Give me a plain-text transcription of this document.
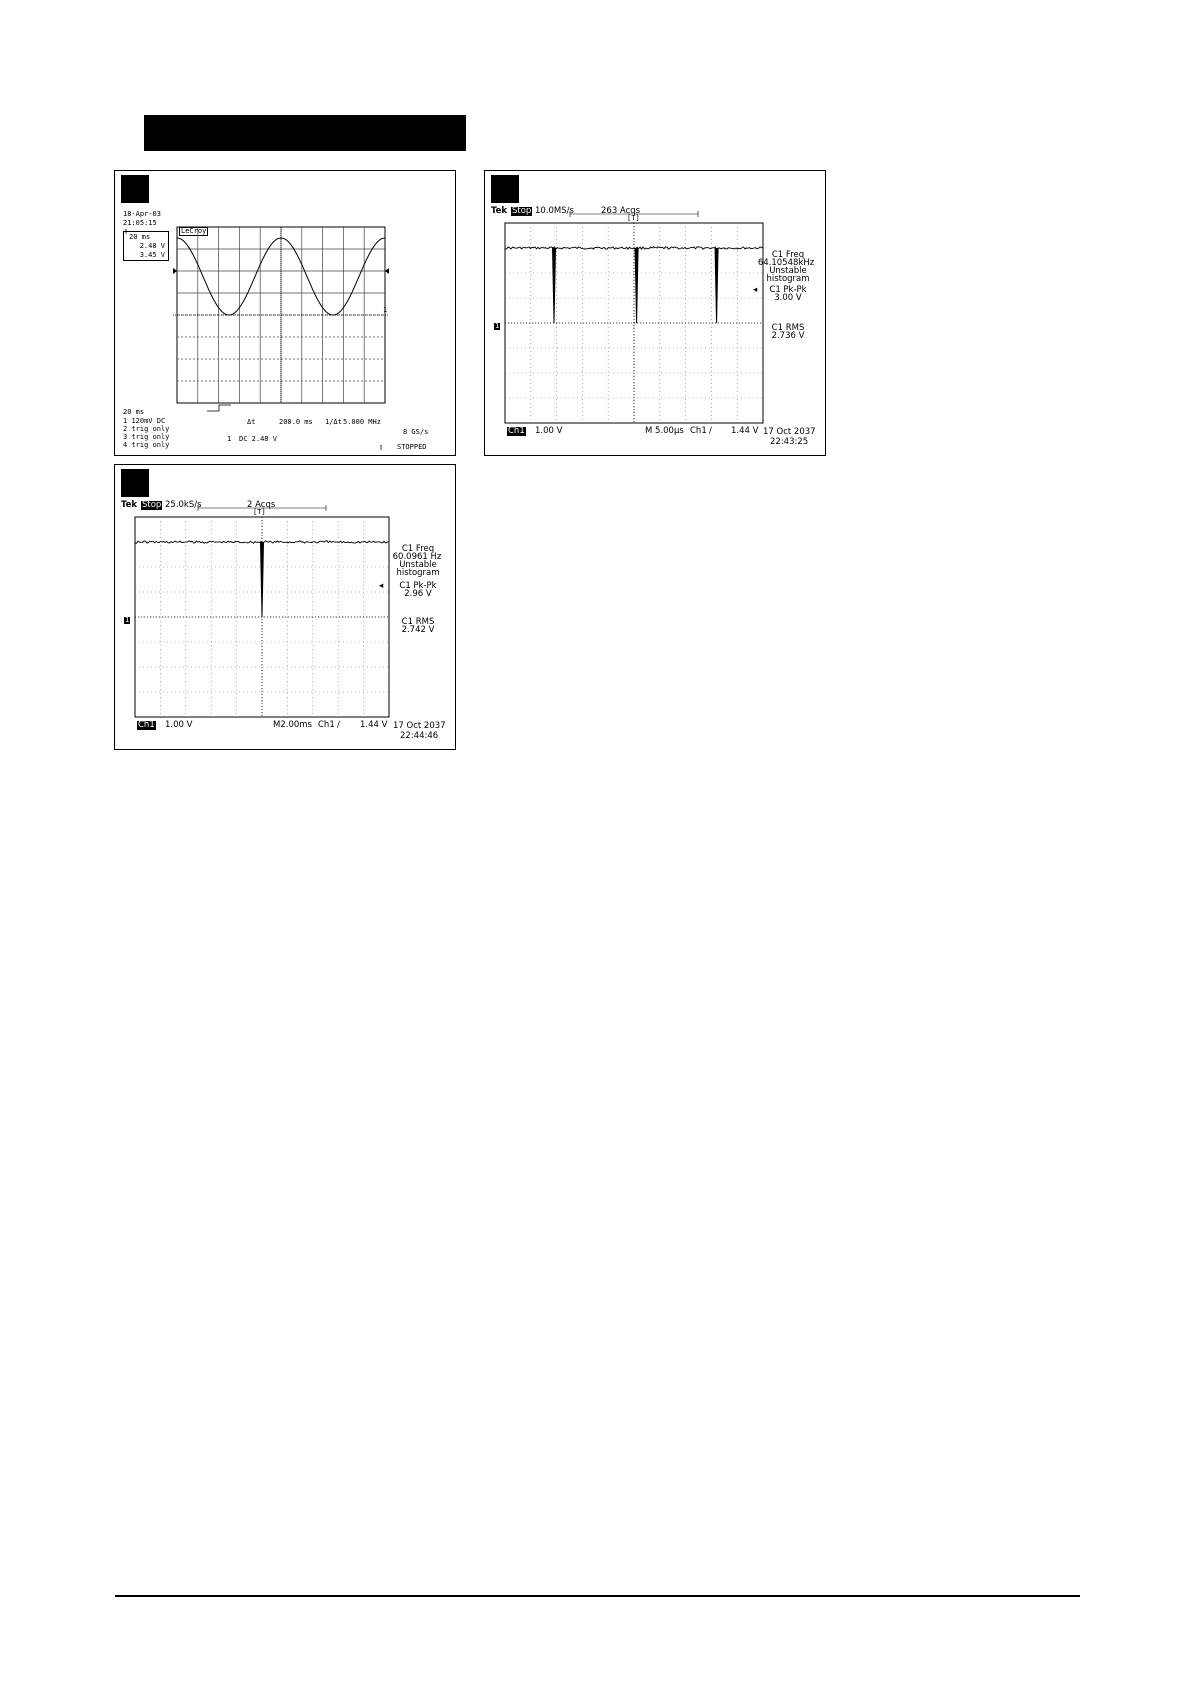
18-Apr-03
21:05:15
▯
20 ms
2.48 V
3.45 V
LeCroy
1
20 ms
1 120mV DC
2 trig only
3 trig only
4 trig only
Δt	200.0 ms 1/Δt 5.000 MHz
8 GS/s
1 DC 2.48 V
▯ STOPPED
Tek Stop 10.0MS/s	263 Acqs
[T]
1
C1 Freq
64.10548kHz
Unstable
histogram
◂	C1 Pk-Pk
3.00 V
C1 RMS
2.736 V
Ch1 1.00 V	M 5.00µs Ch1 ∕ 1.44 V 17 Oct 2037
22:43:25
Tek Stop 25.0kS/s	2 Acqs
[T]
1
C1 Freq
60.0961 Hz
Unstable
histogram
◂	C1 Pk-Pk
2.96 V
C1 RMS
2.742 V
Ch1 1.00 V	M2.00ms Ch1 ∕ 1.44 V 17 Oct 2037
22:44:46
